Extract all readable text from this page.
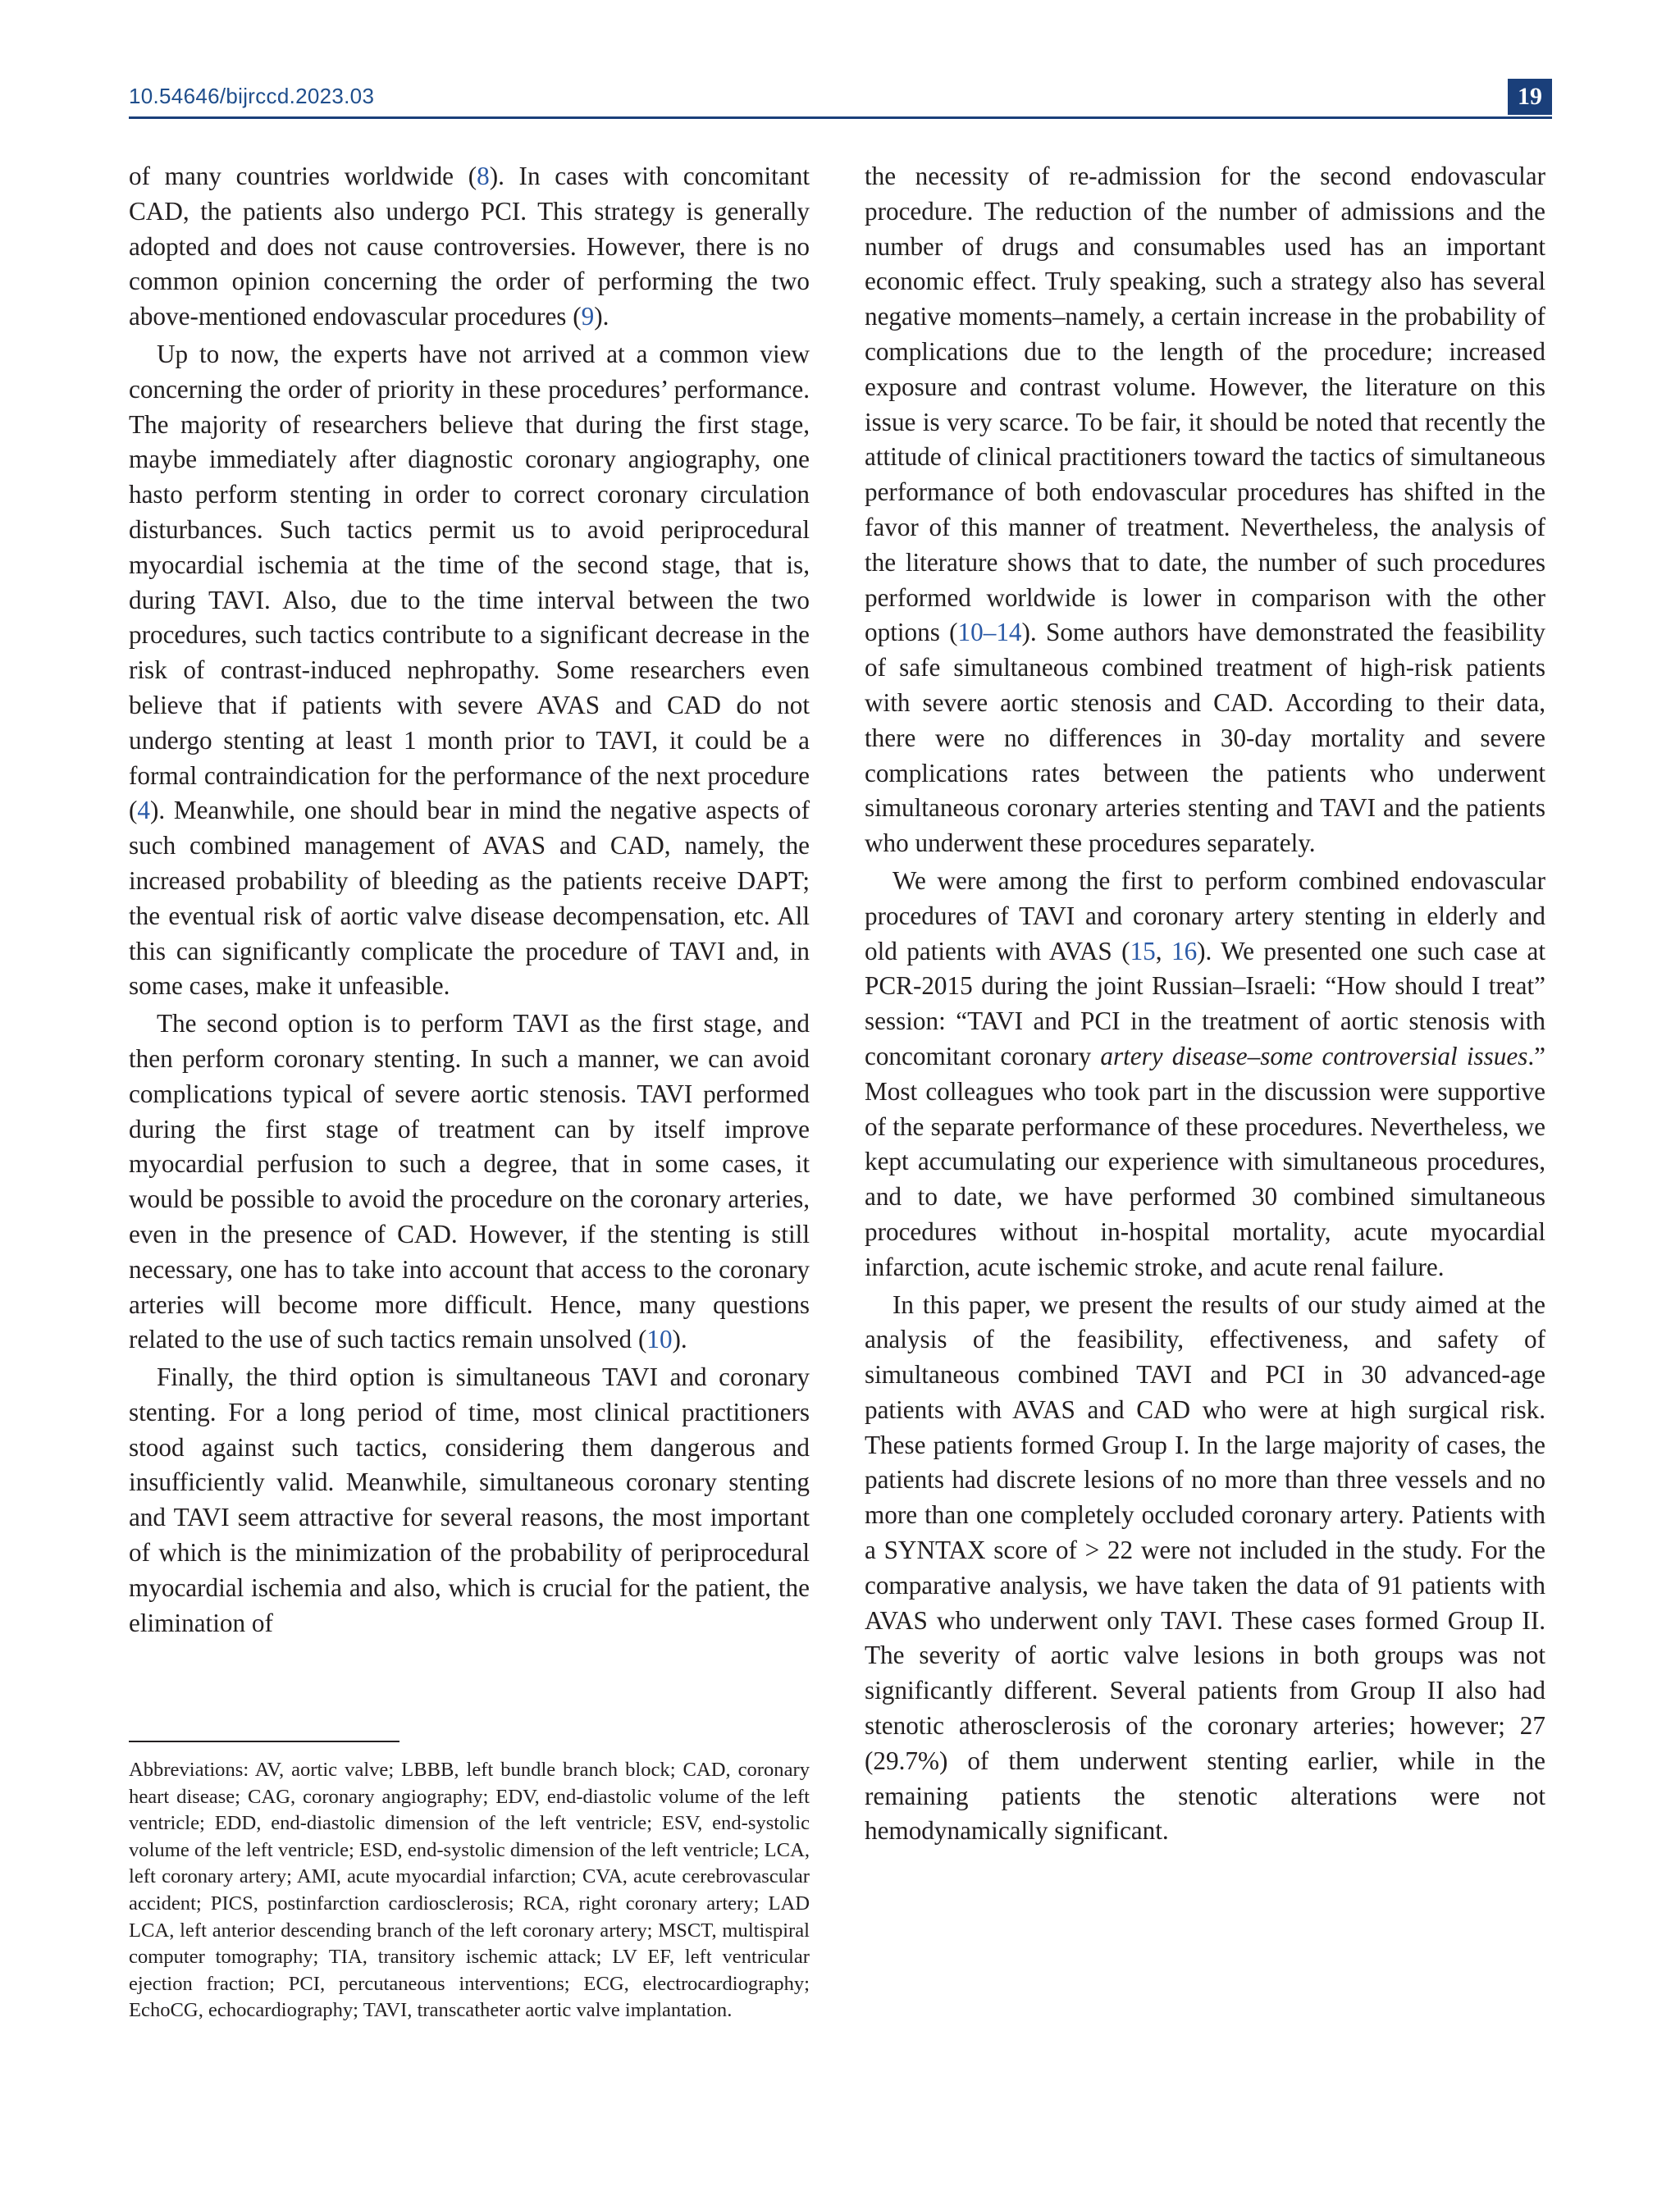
10.54646/bijrccd.2023.03	19

of many countries worldwide (8). In cases with concomitant CAD, the patients also undergo PCI. This strategy is generally adopted and does not cause controversies. However, there is no common opinion concerning the order of performing the two above-mentioned endovascular procedures (9).

Up to now, the experts have not arrived at a common view concerning the order of priority in these procedures’ performance. The majority of researchers believe that during the first stage, maybe immediately after diagnostic coronary angiography, one hasto perform stenting in order to correct coronary circulation disturbances. Such tactics permit us to avoid periprocedural myocardial ischemia at the time of the second stage, that is, during TAVI. Also, due to the time interval between the two procedures, such tactics contribute to a significant decrease in the risk of contrast-induced nephropathy. Some researchers even believe that if patients with severe AVAS and CAD do not undergo stenting at least 1 month prior to TAVI, it could be a formal contraindication for the performance of the next procedure (4). Meanwhile, one should bear in mind the negative aspects of such combined management of AVAS and CAD, namely, the increased probability of bleeding as the patients receive DAPT; the eventual risk of aortic valve disease decompensation, etc. All this can significantly complicate the procedure of TAVI and, in some cases, make it unfeasible.

The second option is to perform TAVI as the first stage, and then perform coronary stenting. In such a manner, we can avoid complications typical of severe aortic stenosis. TAVI performed during the first stage of treatment can by itself improve myocardial perfusion to such a degree, that in some cases, it would be possible to avoid the procedure on the coronary arteries, even in the presence of CAD. However, if the stenting is still necessary, one has to take into account that access to the coronary arteries will become more difficult. Hence, many questions related to the use of such tactics remain unsolved (10).

Finally, the third option is simultaneous TAVI and coronary stenting. For a long period of time, most clinical practitioners stood against such tactics, considering them dangerous and insufficiently valid. Meanwhile, simultaneous coronary stenting and TAVI seem attractive for several reasons, the most important of which is the minimization of the probability of periprocedural myocardial ischemia and also, which is crucial for the patient, the elimination of

Abbreviations: AV, aortic valve; LBBB, left bundle branch block; CAD, coronary heart disease; CAG, coronary angiography; EDV, end-diastolic volume of the left ventricle; EDD, end-diastolic dimension of the left ventricle; ESV, end-systolic volume of the left ventricle; ESD, end-systolic dimension of the left ventricle; LCA, left coronary artery; AMI, acute myocardial infarction; CVA, acute cerebrovascular accident; PICS, postinfarction cardiosclerosis; RCA, right coronary artery; LAD LCA, left anterior descending branch of the left coronary artery; MSCT, multispiral computer tomography; TIA, transitory ischemic attack; LV EF, left ventricular ejection fraction; PCI, percutaneous interventions; ECG, electrocardiography; EchoCG, echocardiography; TAVI, transcatheter aortic valve implantation.

the necessity of re-admission for the second endovascular procedure. The reduction of the number of admissions and the number of drugs and consumables used has an important economic effect. Truly speaking, such a strategy also has several negative moments–namely, a certain increase in the probability of complications due to the length of the procedure; increased exposure and contrast volume. However, the literature on this issue is very scarce. To be fair, it should be noted that recently the attitude of clinical practitioners toward the tactics of simultaneous performance of both endovascular procedures has shifted in the favor of this manner of treatment. Nevertheless, the analysis of the literature shows that to date, the number of such procedures performed worldwide is lower in comparison with the other options (10–14). Some authors have demonstrated the feasibility of safe simultaneous combined treatment of high-risk patients with severe aortic stenosis and CAD. According to their data, there were no differences in 30-day mortality and severe complications rates between the patients who underwent simultaneous coronary arteries stenting and TAVI and the patients who underwent these procedures separately.

We were among the first to perform combined endovascular procedures of TAVI and coronary artery stenting in elderly and old patients with AVAS (15, 16). We presented one such case at PCR-2015 during the joint Russian–Israeli: “How should I treat” session: “TAVI and PCI in the treatment of aortic stenosis with concomitant coronary artery disease–some controversial issues.” Most colleagues who took part in the discussion were supportive of the separate performance of these procedures. Nevertheless, we kept accumulating our experience with simultaneous procedures, and to date, we have performed 30 combined simultaneous procedures without in-hospital mortality, acute myocardial infarction, acute ischemic stroke, and acute renal failure.

In this paper, we present the results of our study aimed at the analysis of the feasibility, effectiveness, and safety of simultaneous combined TAVI and PCI in 30 advanced-age patients with AVAS and CAD who were at high surgical risk. These patients formed Group I. In the large majority of cases, the patients had discrete lesions of no more than three vessels and no more than one completely occluded coronary artery. Patients with a SYNTAX score of > 22 were not included in the study. For the comparative analysis, we have taken the data of 91 patients with AVAS who underwent only TAVI. These cases formed Group II. The severity of aortic valve lesions in both groups was not significantly different. Several patients from Group II also had stenotic atherosclerosis of the coronary arteries; however; 27 (29.7%) of them underwent stenting earlier, while in the remaining patients the stenotic alterations were not hemodynamically significant.
